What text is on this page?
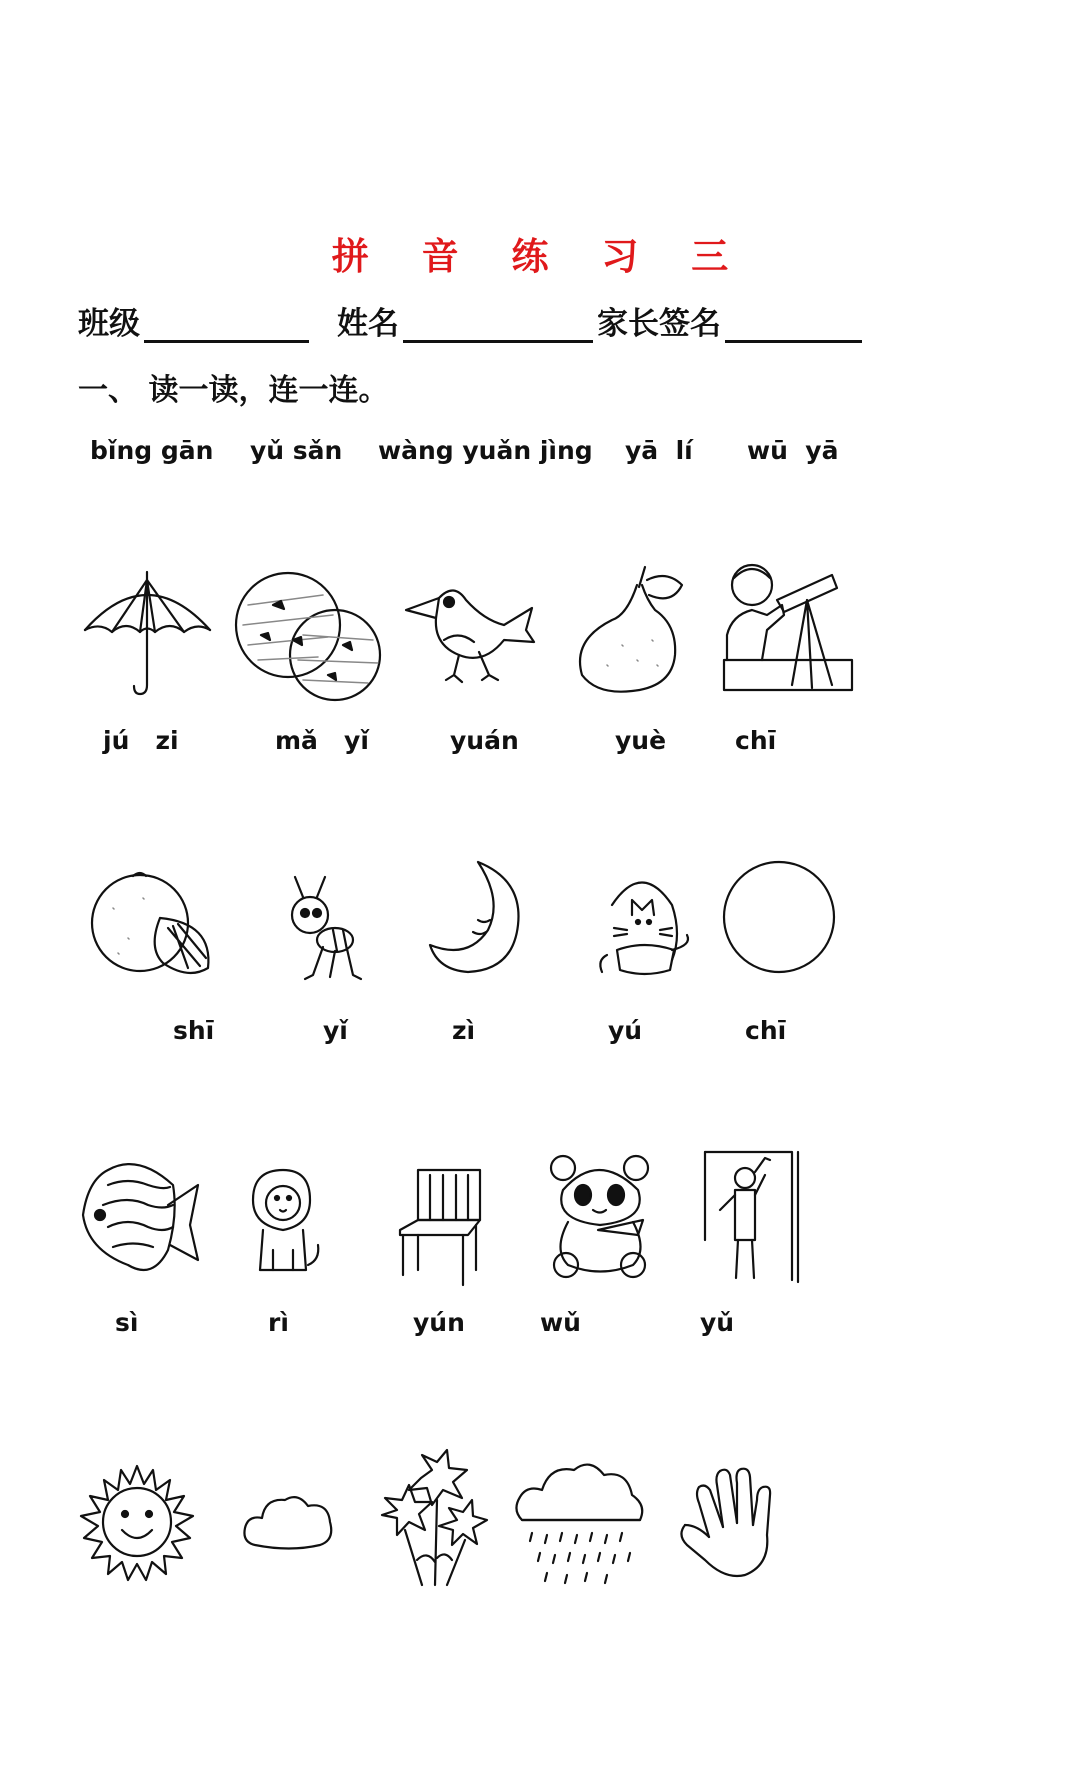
拼 音 练 习 三
班级	姓名	家长签名
一、 读一读，连一连。
bǐng gān yǔ sǎn wàng yuǎn jìng yā  lí wū  yā
jú   zi	mǎ   yǐ	yuán	yuè	chī
shī	yǐ	zì	yú	chī
sì	rì	yún	wǔ	yǔ
